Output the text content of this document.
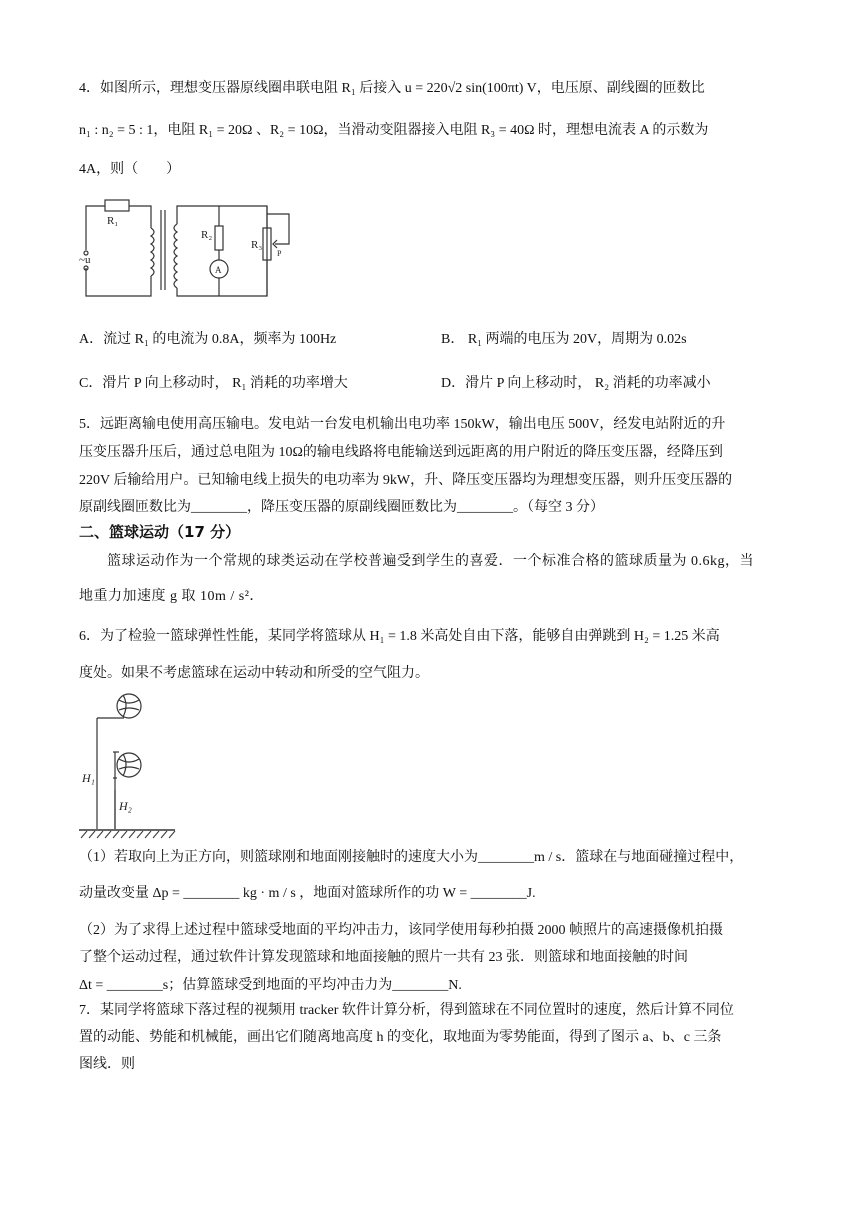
4．如图所示，理想变压器原线圈串联电阻 R₁ 后接入 u = 220√2 sin(100πt) V，电压原、副线圈的匝数比
n₁ : n₂ = 5 : 1，电阻 R₁ = 20Ω 、R₂ = 10Ω，当滑动变阻器接入电阻 R₃ = 40Ω 时，理想电流表 A 的示数为
4A，则（　　）
R₁
~u
R₂
A
R₃
P
A．流过 R₁ 的电流为 0.8A，频率为 100Hz	B． R₁ 两端的电压为 20V，周期为 0.02s
C．滑片 P 向上移动时， R₁ 消耗的功率增大	D．滑片 P 向上移动时， R₂ 消耗的功率减小
5．远距离输电使用高压输电。发电站一台发电机输出电功率 150kW，输出电压 500V，经发电站附近的升
压变压器升压后，通过总电阻为 10Ω的输电线路将电能输送到远距离的用户附近的降压变压器，经降压到
220V 后输给用户。已知输电线上损失的电功率为 9kW，升、降压变压器均为理想变压器，则升压变压器的
原副线圈匝数比为________，降压变压器的原副线圈匝数比为________。（每空 3 分）
二、篮球运动（17 分）
篮球运动作为一个常规的球类运动在学校普遍受到学生的喜爱．一个标准合格的篮球质量为 0.6kg，当
地重力加速度 g 取 10m / s²．
6．为了检验一篮球弹性性能，某同学将篮球从 H₁ = 1.8 米高处自由下落，能够自由弹跳到 H₂ = 1.25 米高
度处。如果不考虑篮球在运动中转动和所受的空气阻力。
H₁
H₂
（1）若取向上为正方向，则篮球刚和地面刚接触时的速度大小为________m / s．篮球在与地面碰撞过程中，
动量改变量 Δp = ________ kg · m / s ，地面对篮球所作的功 W = ________J.
（2）为了求得上述过程中篮球受地面的平均冲击力，该同学使用每秒拍摄 2000 帧照片的高速摄像机拍摄
了整个运动过程，通过软件计算发现篮球和地面接触的照片一共有 23 张．则篮球和地面接触的时间
Δt = ________s；估算篮球受到地面的平均冲击力为________N.
7．某同学将篮球下落过程的视频用 tracker 软件计算分析，得到篮球在不同位置时的速度，然后计算不同位
置的动能、势能和机械能，画出它们随离地高度 h 的变化，取地面为零势能面，得到了图示 a、b、c 三条
图线．则
